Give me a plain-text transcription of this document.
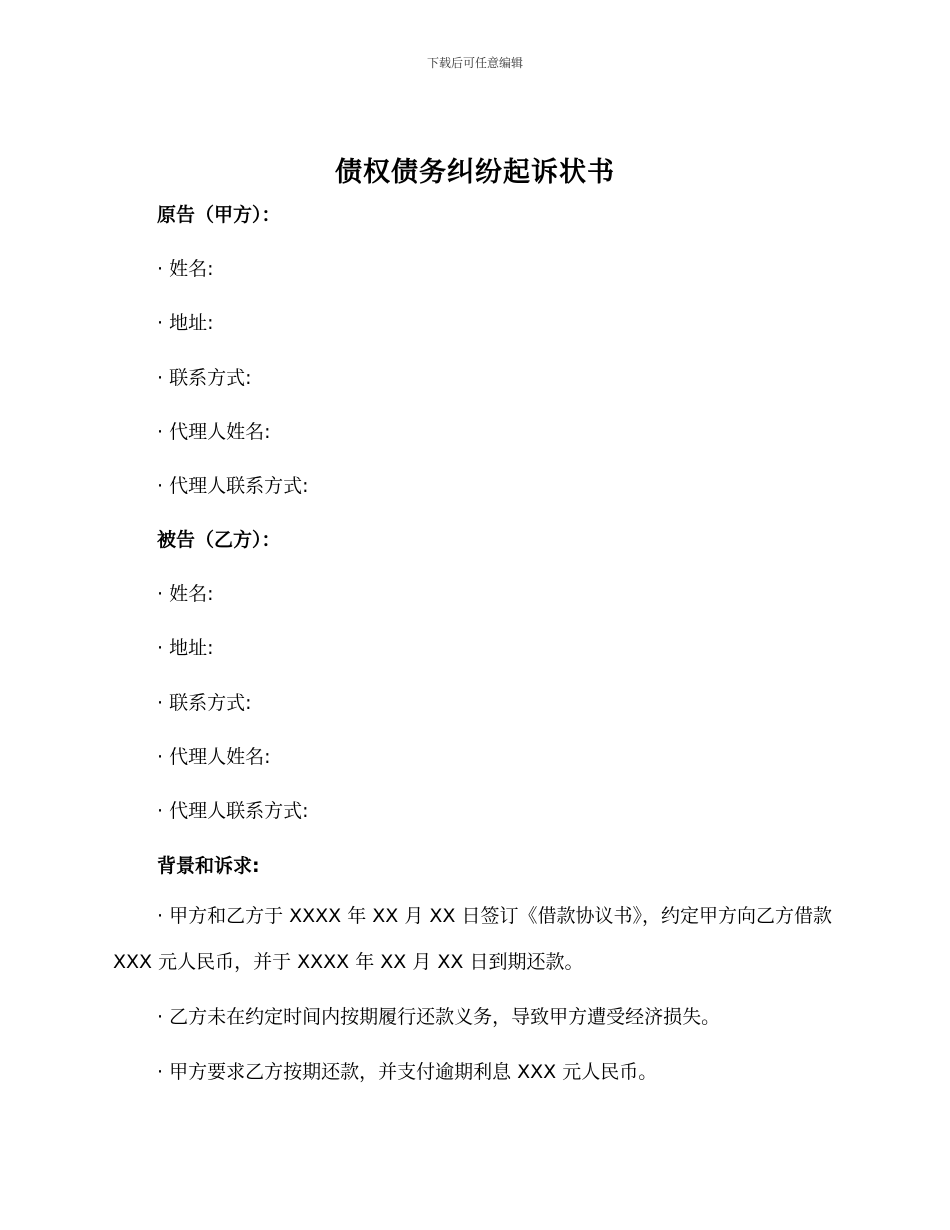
下载后可任意编辑
债权债务纠纷起诉状书
原告（甲方）：
· 姓名:
· 地址:
· 联系方式:
· 代理人姓名:
· 代理人联系方式:
被告（乙方）：
· 姓名:
· 地址:
· 联系方式:
· 代理人姓名:
· 代理人联系方式:
背景和诉求:
· 甲方和乙方于 XXXX 年 XX 月 XX 日签订《借款协议书》，约定甲方向乙方借款 XXX 元人民币，并于 XXXX 年 XX 月 XX 日到期还款。
· 乙方未在约定时间内按期履行还款义务，导致甲方遭受经济损失。
· 甲方要求乙方按期还款，并支付逾期利息 XXX 元人民币。
